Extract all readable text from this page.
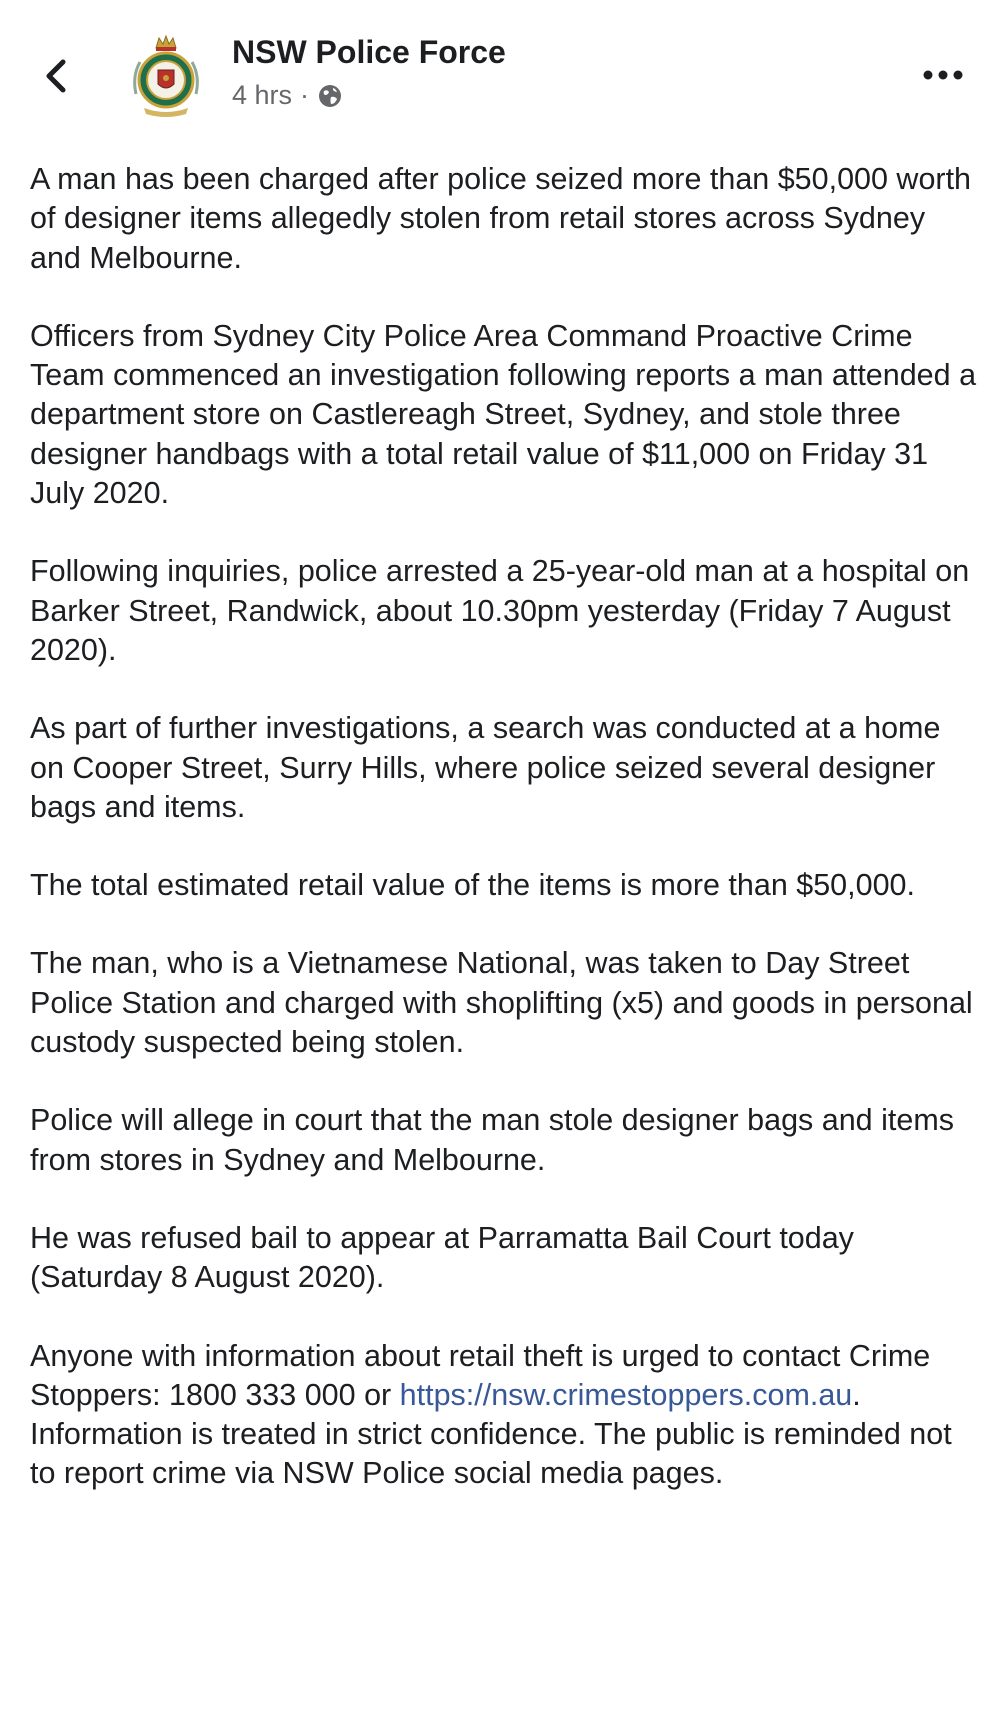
NSW Police Force
4 hrs ·

A man has been charged after police seized more than $50,000 worth of designer items allegedly stolen from retail stores across Sydney and Melbourne.

Officers from Sydney City Police Area Command Proactive Crime Team commenced an investigation following reports a man attended a department store on Castlereagh Street, Sydney, and stole three designer handbags with a total retail value of $11,000 on Friday 31 July 2020.

Following inquiries, police arrested a 25-year-old man at a hospital on Barker Street, Randwick, about 10.30pm yesterday (Friday 7 August 2020).

As part of further investigations, a search was conducted at a home on Cooper Street, Surry Hills, where police seized several designer bags and items.

The total estimated retail value of the items is more than $50,000.

The man, who is a Vietnamese National, was taken to Day Street Police Station and charged with shoplifting (x5) and goods in personal custody suspected being stolen.

Police will allege in court that the man stole designer bags and items from stores in Sydney and Melbourne.

He was refused bail to appear at Parramatta Bail Court today (Saturday 8 August 2020).

Anyone with information about retail theft is urged to contact Crime Stoppers: 1800 333 000 or https://nsw.crimestoppers.com.au. Information is treated in strict confidence. The public is reminded not to report crime via NSW Police social media pages.
